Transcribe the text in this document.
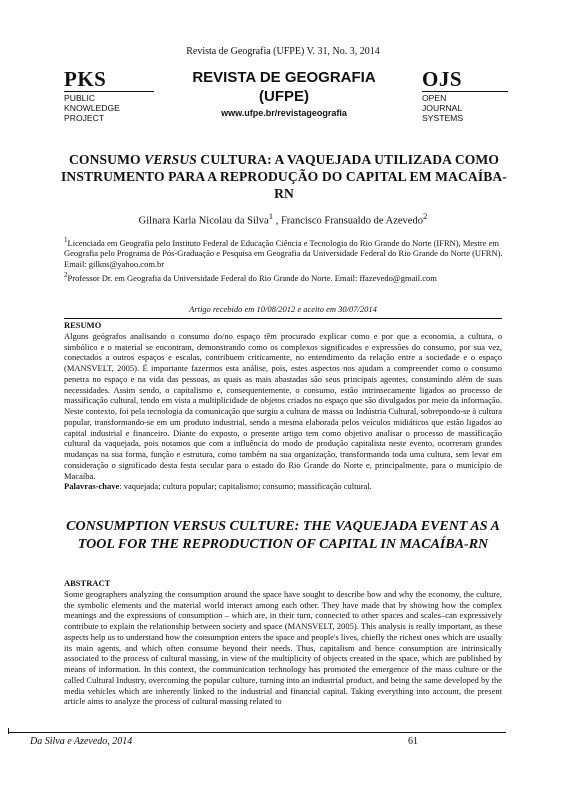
Revista de Geografia (UFPE) V. 31, No. 3, 2014
PKS
PUBLIC
KNOWLEDGE
PROJECT
REVISTA DE GEOGRAFIA
(UFPE)
www.ufpe.br/revistageografia
OJS
OPEN
JOURNAL
SYSTEMS
CONSUMO VERSUS CULTURA: A VAQUEJADA UTILIZADA COMO INSTRUMENTO PARA A REPRODUÇÃO DO CAPITAL EM MACAÍBA-RN
Gilnara Karla Nicolau da Silva$^1$ , Francisco Fransualdo de Azevedo$^2$

$^1$Licenciada em Geografia pelo Instituto Federal de Educação Ciência e Tecnologia do Rio Grande do Norte (IFRN), Mestre em Geografia pelo Programa de Pós-Graduação e Pesquisa em Geografia da Universidade Federal do Rio Grande do Norte (UFRN). Email: gilkns@yahoo.com.br

$^2$Professor Dr. em Geografia da Universidade Federal do Rio Grande do Norte. Email: ffazevedo@gmail.com

Artigo recebido em 10/08/2012 e aceito em 30/07/2014
RESUMO
Alguns geógrafos analisando o consumo do/no espaço têm procurado explicar como e por que a economia, a cultura, o simbólico e o material se encontram, demonstrando como os complexos significados e expressões do consumo, por sua vez, conectados a outros espaços e escalas, contribuem criticamente, no entendimento da relação entre a sociedade e o espaço (MANSVELT, 2005). É importante fazermos esta análise, pois, estes aspectos nos ajudam a compreender como o consumo penetra no espaço e na vida das pessoas, as quais as mais abastadas são seus principais agentes, consumindo além de suas necessidades. Assim sendo, o capitalismo e, consequentemente, o consumo, estão intrinsecamente ligados ao processo de massificação cultural, tendo em vista a multiplicidade de objetos criados no espaço que são divulgados por meio da informação. Neste contexto, foi pela tecnologia da comunicação que surgiu a cultura de massa ou Indústria Cultural, sobrepondo-se à cultura popular, transformando-se em um produto industrial, sendo a mesma elaborada pelos veículos midiáticos que estão ligados ao capital industrial e financeiro. Diante do exposto, o presente artigo tem como objetivo analisar o processo de massificação cultural da vaquejada, pois notamos que com a influência do modo de produção capitalista neste evento, ocorreram grandes mudanças na sua forma, função e estrutura, como também na sua organização, transformando toda uma cultura, sem levar em consideração o significado desta festa secular para o estado do Rio Grande do Norte e, principalmente, para o município de Macaíba.
Palavras-chave: vaquejada; cultura popular; capitalismo; consumo; massificação cultural.
CONSUMPTION VERSUS CULTURE: THE VAQUEJADA EVENT AS A TOOL FOR THE REPRODUCTION OF CAPITAL IN MACAÍBA-RN
ABSTRACT
Some geographers analyzing the consumption around the space have sought to describe how and why the economy, the culture, the symbolic elements and the material world interact among each other. They have made that by showing how the complex meanings and the expressions of consumption – which are, in their turn, connected to other spaces and scales–can expressively contribute to explain the relationship between society and space (MANSVELT, 2005). This analysis is really important, as these aspects help us to understand how the consumption enters the space and people's lives, chiefly the richest ones which are usually its main agents, and which often consume beyond their needs. Thus, capitalism and hence consumption are intrinsically associated to the process of cultural massing, in view of the multiplicity of objects created in the space, which are published by means of information. In this context, the communication technology has promoted the emergence of the mass culture or the called Cultural Industry, overcoming the popular culture, turning into an industrial product, and being the same developed by the media vehicles which are inherently linked to the industrial and financial capital. Taking everything into account, the present article aims to analyze the process of cultural massing related to
Da Silva e Azevedo, 2014	61
